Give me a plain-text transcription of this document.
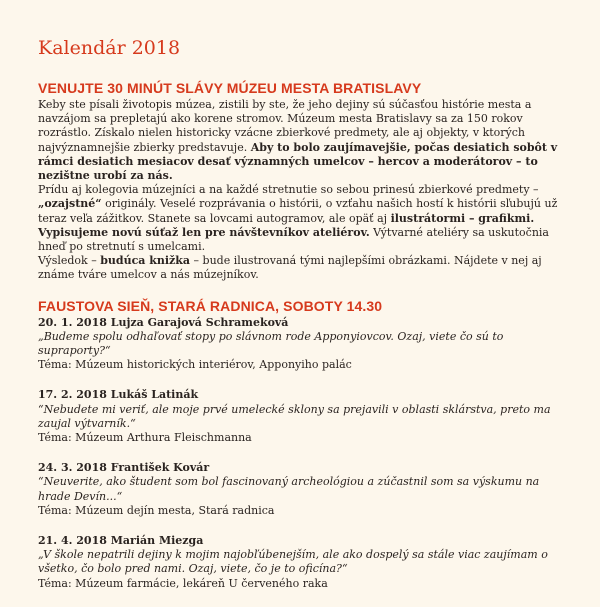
Kalendár 2018
VENUJTE 30 MINÚT SLÁVY MÚZEU MESTA BRATISLAVY

Keby ste písali životopis múzea, zistili by ste, že jeho dejiny sú súčasťou histórie mesta a navzájom sa prepletajú ako korene stromov. Múzeum mesta Bratislavy sa za 150 rokov rozrástlo. Získalo nielen historicky vzácne zbierkové predmety, ale aj objekty, v ktorých najvýznamnejšie zbierky predstavuje. Aby to bolo zaujímavejšie, počas desiatich sobôt v rámci desiatich mesiacov desať významných umelcov – hercov a moderátorov – to nezištne urobí za nás.

Prídu aj kolegovia múzejníci a na každé stretnutie so sebou prinesú zbierkové predmety – „ozajstné“ originály. Veselé rozprávania o histórii, o vzťahu našich hostí k histórii sľubujú už teraz veľa zážitkov. Stanete sa lovcami autogramov, ale opäť aj ilustrátormi – grafikmi.

Vypisujeme novú súťaž len pre návštevníkov ateliérov. Výtvarné ateliéry sa uskutočnia hneď po stretnutí s umelcami.

Výsledok – budúca knižka – bude ilustrovaná tými najlepšími obrázkami. Nájdete v nej aj známe tváre umelcov a nás múzejníkov.

FAUSTOVA SIEŇ, STARÁ RADNICA, SOBOTY 14.30

20. 1. 2018 Lujza Garajová Schrameková

„Budeme spolu odhaľovať stopy po slávnom rode Apponyiovcov. Ozaj, viete čo sú to supraporty?“

Téma: Múzeum historických interiérov, Apponyiho palác

17. 2. 2018 Lukáš Latinák

“Nebudete mi veriť, ale moje prvé umelecké sklony sa prejavili v oblasti sklárstva, preto ma zaujal výtvarník.“

Téma: Múzeum Arthura Fleischmanna

24. 3. 2018 František Kovár

“Neuverite, ako študent som bol fascinovaný archeológiou a zúčastnil som sa výskumu na hrade Devín...“

Téma: Múzeum dejín mesta, Stará radnica

21. 4. 2018 Marián Miezga

„V škole nepatrili dejiny k mojim najobľúbenejším, ale ako dospelý sa stále viac zaujímam o všetko, čo bolo pred nami. Ozaj, viete, čo je to oficína?“

Téma: Múzeum farmácie, lekáreň U červeného raka
